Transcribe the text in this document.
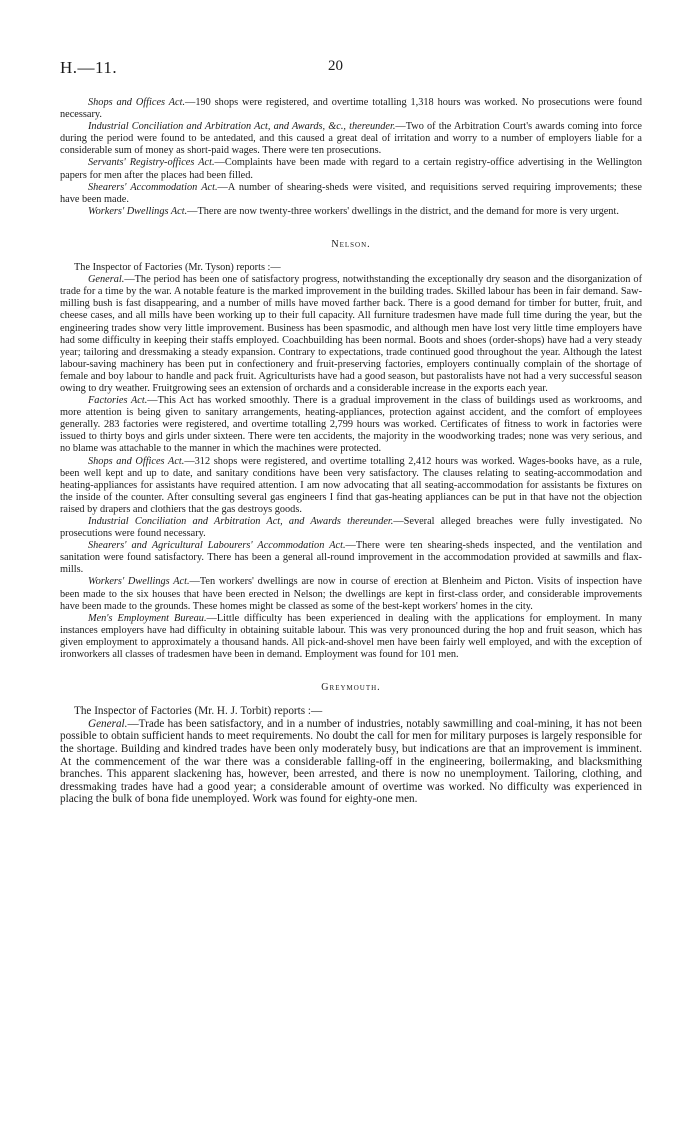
H.—11.	20

Shops and Offices Act.—190 shops were registered, and overtime totalling 1,318 hours was worked. No prosecutions were found necessary.

Industrial Conciliation and Arbitration Act, and Awards, &c., thereunder.—Two of the Arbitration Court's awards coming into force during the period were found to be antedated, and this caused a great deal of irritation and worry to a number of employers liable for a considerable sum of money as short-paid wages. There were ten prosecutions.

Servants' Registry-offices Act.—Complaints have been made with regard to a certain registry-office advertising in the Wellington papers for men after the places had been filled.

Shearers' Accommodation Act.—A number of shearing-sheds were visited, and requisitions served requiring improvements; these have been made.

Workers' Dwellings Act.—There are now twenty-three workers' dwellings in the district, and the demand for more is very urgent.

Nelson.

The Inspector of Factories (Mr. Tyson) reports :—

General.—The period has been one of satisfactory progress, notwithstanding the exceptionally dry season and the disorganization of trade for a time by the war. A notable feature is the marked improvement in the building trades. Skilled labour has been in fair demand. Saw-milling bush is fast disappearing, and a number of mills have moved farther back. There is a good demand for timber for butter, fruit, and cheese cases, and all mills have been working up to their full capacity. All furniture tradesmen have made full time during the year, but the engineering trades show very little improvement. Business has been spasmodic, and although men have lost very little time employers have had some difficulty in keeping their staffs employed. Coachbuilding has been normal. Boots and shoes (order-shops) have had a very steady year; tailoring and dressmaking a steady expansion. Contrary to expectations, trade continued good throughout the year. Although the latest labour-saving machinery has been put in confectionery and fruit-preserving factories, employers continually complain of the shortage of female and boy labour to handle and pack fruit. Agriculturists have had a good season, but pastoralists have not had a very successful season owing to dry weather. Fruitgrowing sees an extension of orchards and a considerable increase in the exports each year.

Factories Act.—This Act has worked smoothly. There is a gradual improvement in the class of buildings used as workrooms, and more attention is being given to sanitary arrangements, heating-appliances, protection against accident, and the comfort of employees generally. 283 factories were registered, and overtime totalling 2,799 hours was worked. Certificates of fitness to work in factories were issued to thirty boys and girls under sixteen. There were ten accidents, the majority in the woodworking trades; none was very serious, and no blame was attachable to the manner in which the machines were protected.

Shops and Offices Act.—312 shops were registered, and overtime totalling 2,412 hours was worked. Wages-books have, as a rule, been well kept and up to date, and sanitary conditions have been very satisfactory. The clauses relating to seating-accommodation and heating-appliances for assistants have required attention. I am now advocating that all seating-accommodation for assistants be fixtures on the inside of the counter. After consulting several gas engineers I find that gas-heating appliances can be put in that have not the objection raised by drapers and clothiers that the gas destroys goods.

Industrial Conciliation and Arbitration Act, and Awards thereunder.—Several alleged breaches were fully investigated. No prosecutions were found necessary.

Shearers' and Agricultural Labourers' Accommodation Act.—There were ten shearing-sheds inspected, and the ventilation and sanitation were found satisfactory. There has been a general all-round improvement in the accommodation provided at sawmills and flax-mills.

Workers' Dwellings Act.—Ten workers' dwellings are now in course of erection at Blenheim and Picton. Visits of inspection have been made to the six houses that have been erected in Nelson; the dwellings are kept in first-class order, and considerable improvements have been made to the grounds. These homes might be classed as some of the best-kept workers' homes in the city.

Men's Employment Bureau.—Little difficulty has been experienced in dealing with the applications for employment. In many instances employers have had difficulty in obtaining suitable labour. This was very pronounced during the hop and fruit season, which has given employment to approximately a thousand hands. All pick-and-shovel men have been fairly well employed, and with the exception of ironworkers all classes of tradesmen have been in demand. Employment was found for 101 men.

Greymouth.

The Inspector of Factories (Mr. H. J. Torbit) reports :—

General.—Trade has been satisfactory, and in a number of industries, notably sawmilling and coal-mining, it has not been possible to obtain sufficient hands to meet requirements. No doubt the call for men for military purposes is largely responsible for the shortage. Building and kindred trades have been only moderately busy, but indications are that an improvement is imminent. At the commencement of the war there was a considerable falling-off in the engineering, boilermaking, and blacksmithing branches. This apparent slackening has, however, been arrested, and there is now no unemployment. Tailoring, clothing, and dressmaking trades have had a good year; a considerable amount of overtime was worked. No difficulty was experienced in placing the bulk of bona fide unemployed. Work was found for eighty-one men.
